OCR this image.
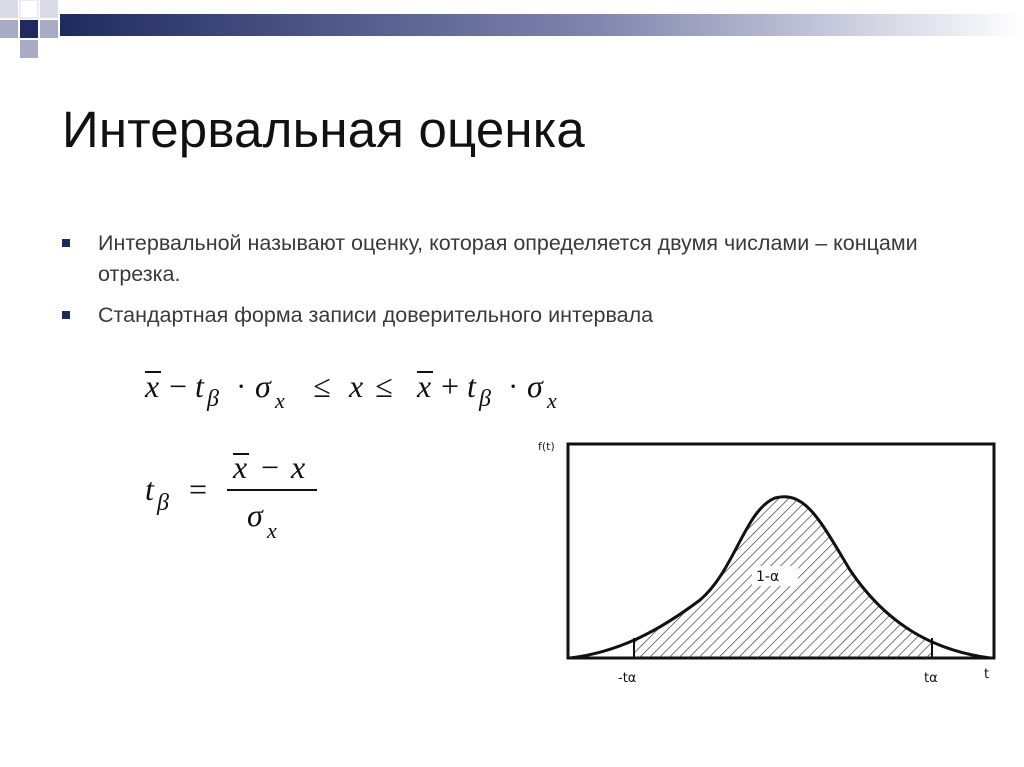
Интервальная оценка
Интервальной называют оценку, которая определяется двумя числами – концами отрезка.
Стандартная форма записи доверительного интервала
x − t β · σ x ≤ x ≤ x + t β · σ x
t β =
x − x
σ x
f(t)
1-α
-tα	tα	t
